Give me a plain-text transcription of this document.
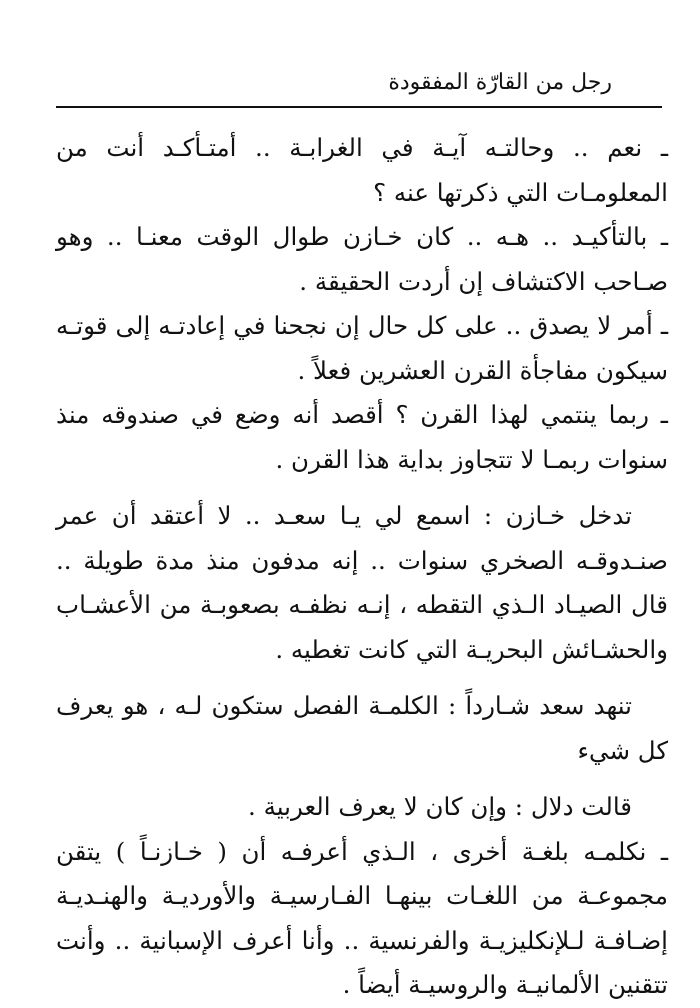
رجل من القارّة المفقودة

ـ نعم .. وحالتـه آيـة في الغرابـة .. أمتـأكـد أنت من المعلومـات التي ذكرتها عنه ؟

ـ بالتأكيـد .. هـه .. كان خـازن طوال الوقت معنـا .. وهو صـاحب الاكتشاف إن أردت الحقيقة .

ـ أمر لا يصدق .. على كل حال إن نجحنا في إعادتـه إلى قوتـه سيكون مفاجأة القرن العشرين فعلاً .

ـ ربما ينتمي لهذا القرن ؟ أقصد أنه وضع في صندوقه منذ سنوات ربمـا لا تتجاوز بداية هذا القرن .

تدخل خـازن : اسمع لي يـا سعـد .. لا أعتقد أن عمر صنـدوقـه الصخري سنوات .. إنه مدفون منذ مدة طويلة .. قال الصيـاد الـذي التقطه ، إنـه نظفـه بصعوبـة من الأعشـاب والحشـائش البحريـة التي كانت تغطيه .

تنهد سعد شـارداً : الكلمـة الفصل ستكون لـه ، هو يعرف كل شيء

قالت دلال : وإن كان لا يعرف العربية .

ـ نكلمـه بلغـة أخرى ، الـذي أعرفـه أن ( خـازنـاً ) يتقن مجموعـة من اللغـات بينهـا الفـارسيـة والأورديـة والهنـديـة إضـافـة لـلإنكليزيـة والفرنسية .. وأنا أعرف الإسبانية .. وأنت تتقنين الألمانيـة والروسيـة أيضاً .
